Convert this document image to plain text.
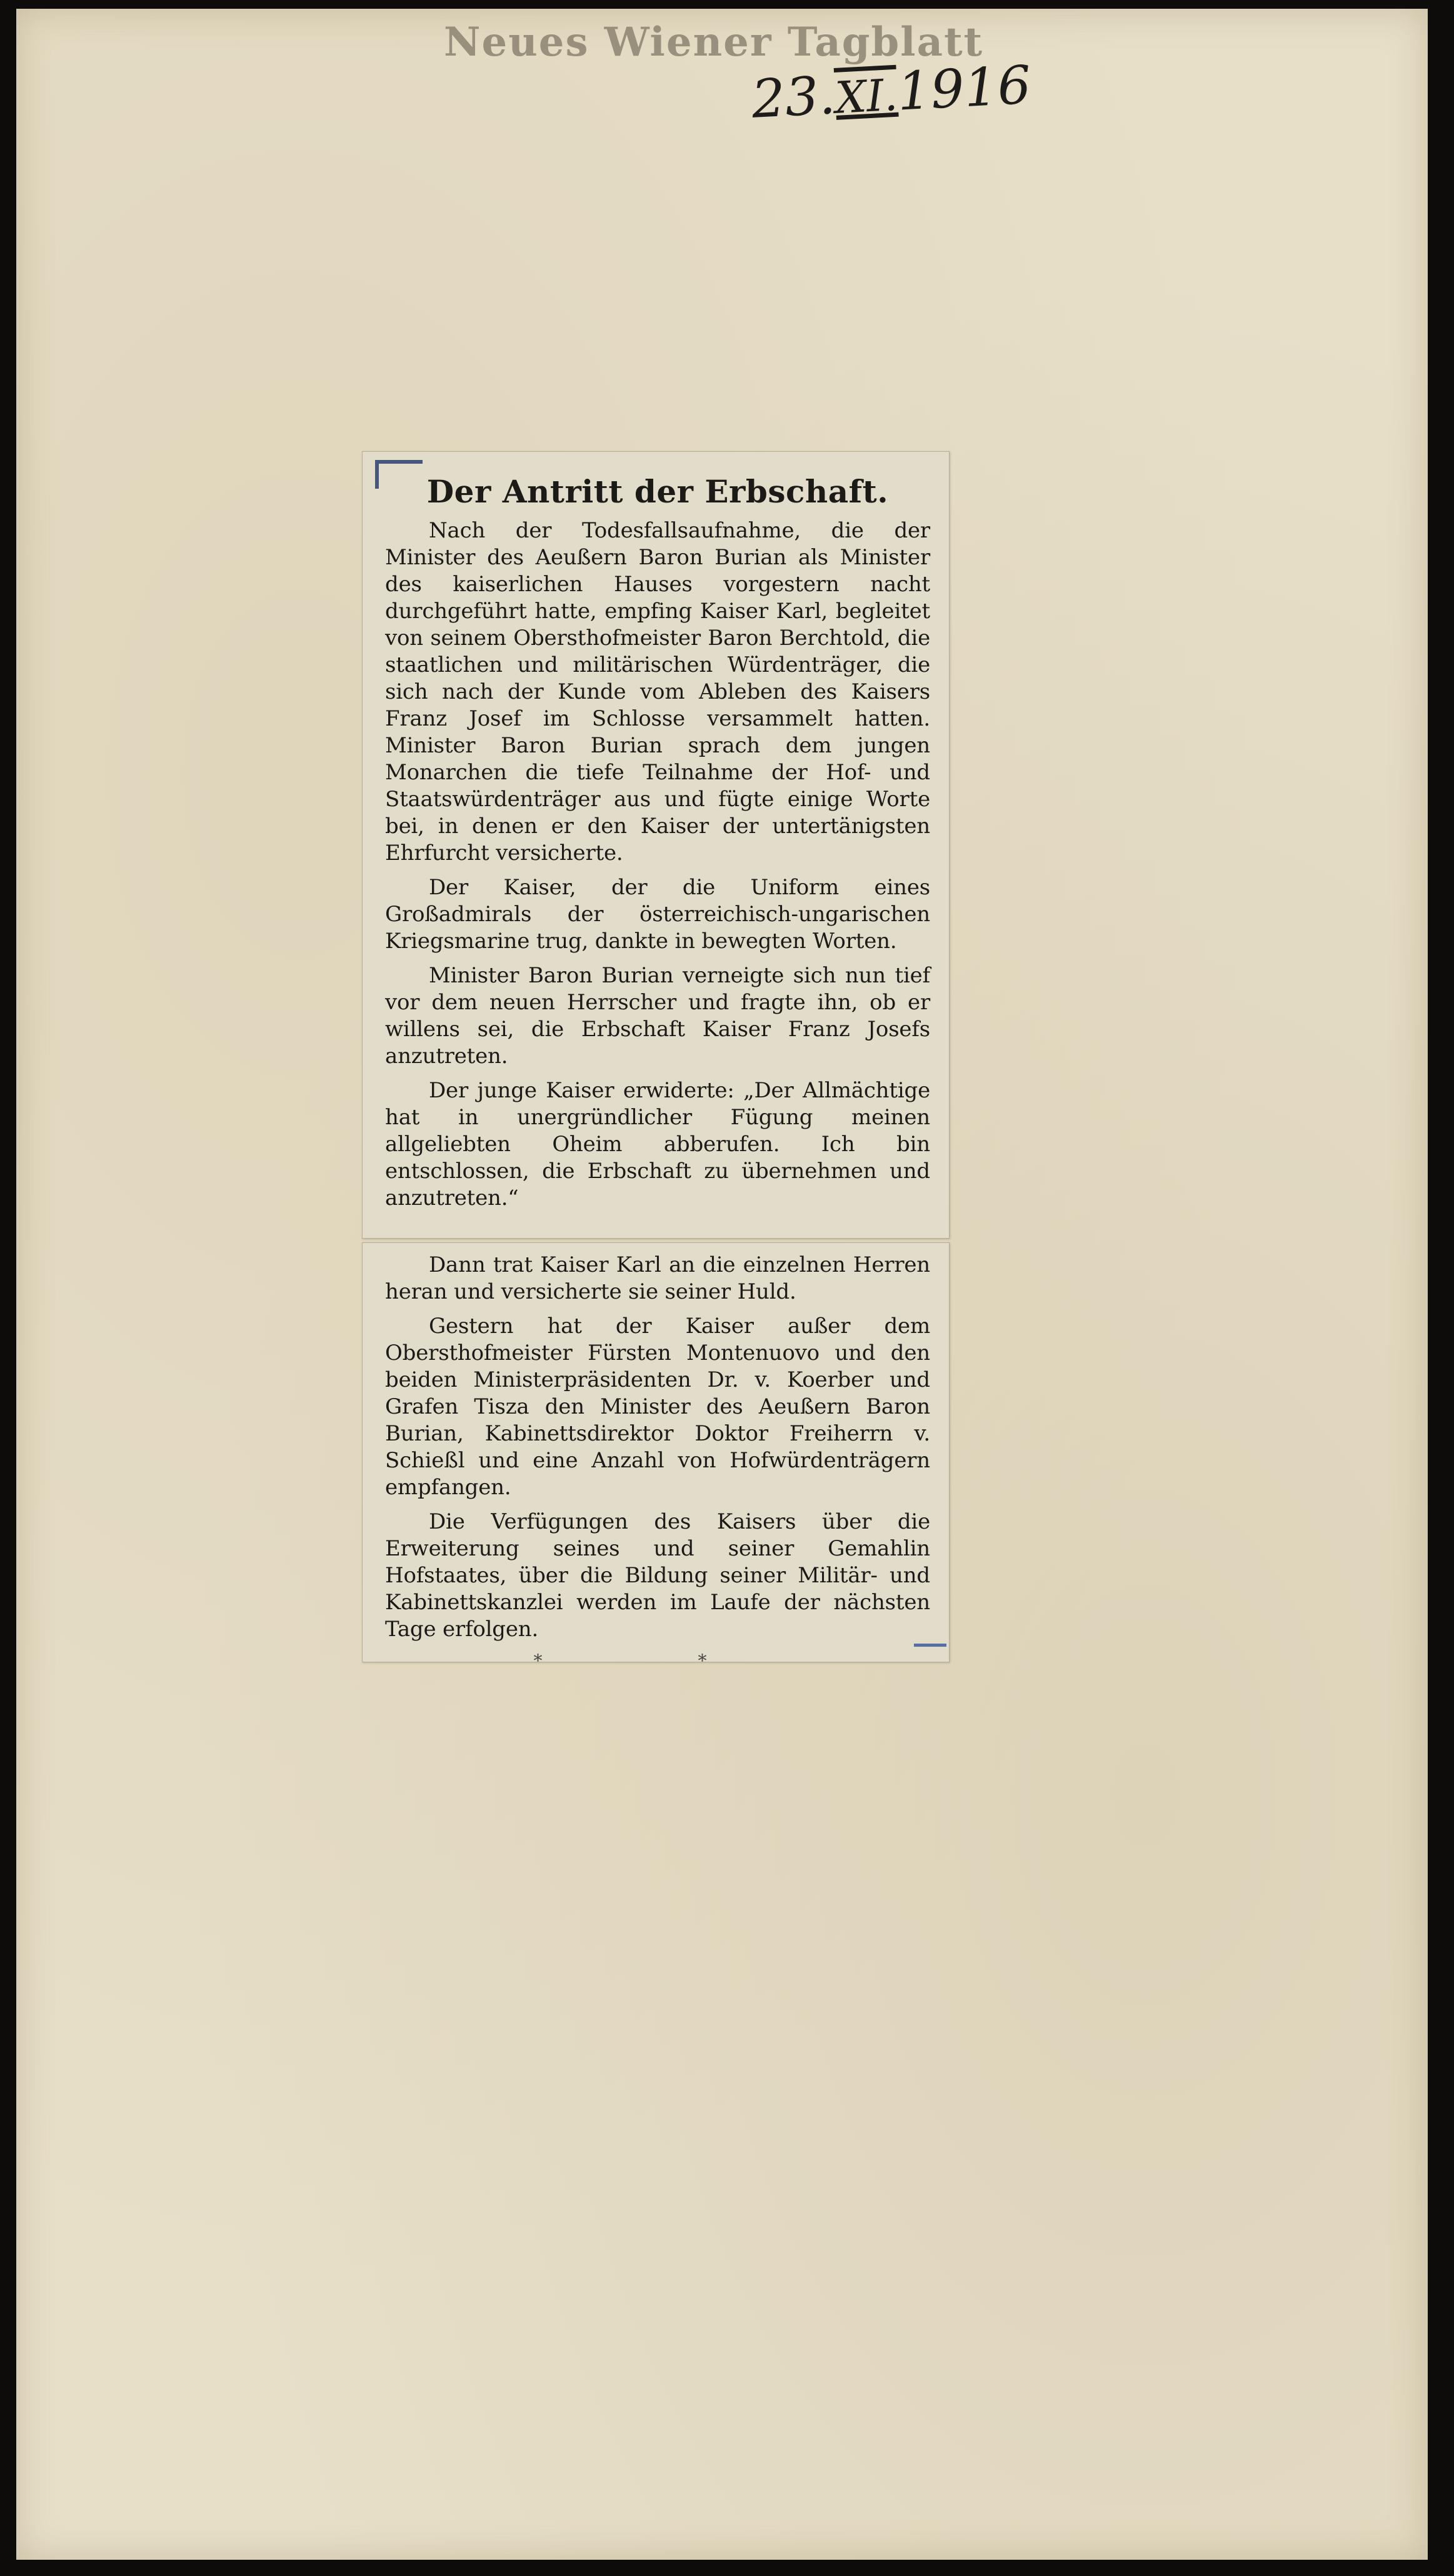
Neues Wiener Tagblatt
23.XI.1916
Der Antritt der Erbschaft.

Nach der Todesfallsaufnahme, die der Minister des Aeußern Baron Burian als Minister des kaiserlichen Hauses vorgestern nacht durchgeführt hatte, empfing Kaiser Karl, begleitet von seinem Obersthofmeister Baron Berchtold, die staatlichen und militärischen Würdenträger, die sich nach der Kunde vom Ableben des Kaisers Franz Josef im Schlosse versammelt hatten. Minister Baron Burian sprach dem jungen Monarchen die tiefe Teilnahme der Hof- und Staatswürdenträger aus und fügte einige Worte bei, in denen er den Kaiser der untertänigsten Ehrfurcht versicherte.

Der Kaiser, der die Uniform eines Großadmirals der österreichisch-ungarischen Kriegsmarine trug, dankte in bewegten Worten.

Minister Baron Burian verneigte sich nun tief vor dem neuen Herrscher und fragte ihn, ob er willens sei, die Erbschaft Kaiser Franz Josefs anzutreten.

Der junge Kaiser erwiderte: „Der Allmächtige hat in unergründlicher Fügung meinen allgeliebten Oheim abberufen. Ich bin entschlossen, die Erbschaft zu übernehmen und anzutreten.“

Dann trat Kaiser Karl an die einzelnen Herren heran und versicherte sie seiner Huld.

Gestern hat der Kaiser außer dem Obersthofmeister Fürsten Montenuovo und den beiden Ministerpräsidenten Dr. v. Koerber und Grafen Tisza den Minister des Aeußern Baron Burian, Kabinettsdirektor Doktor Freiherrn v. Schießl und eine Anzahl von Hofwürdenträgern empfangen.

Die Verfügungen des Kaisers über die Erweiterung seines und seiner Gemahlin Hofstaates, über die Bildung seiner Militär- und Kabinettskanzlei werden im Laufe der nächsten Tage erfolgen.

* *
